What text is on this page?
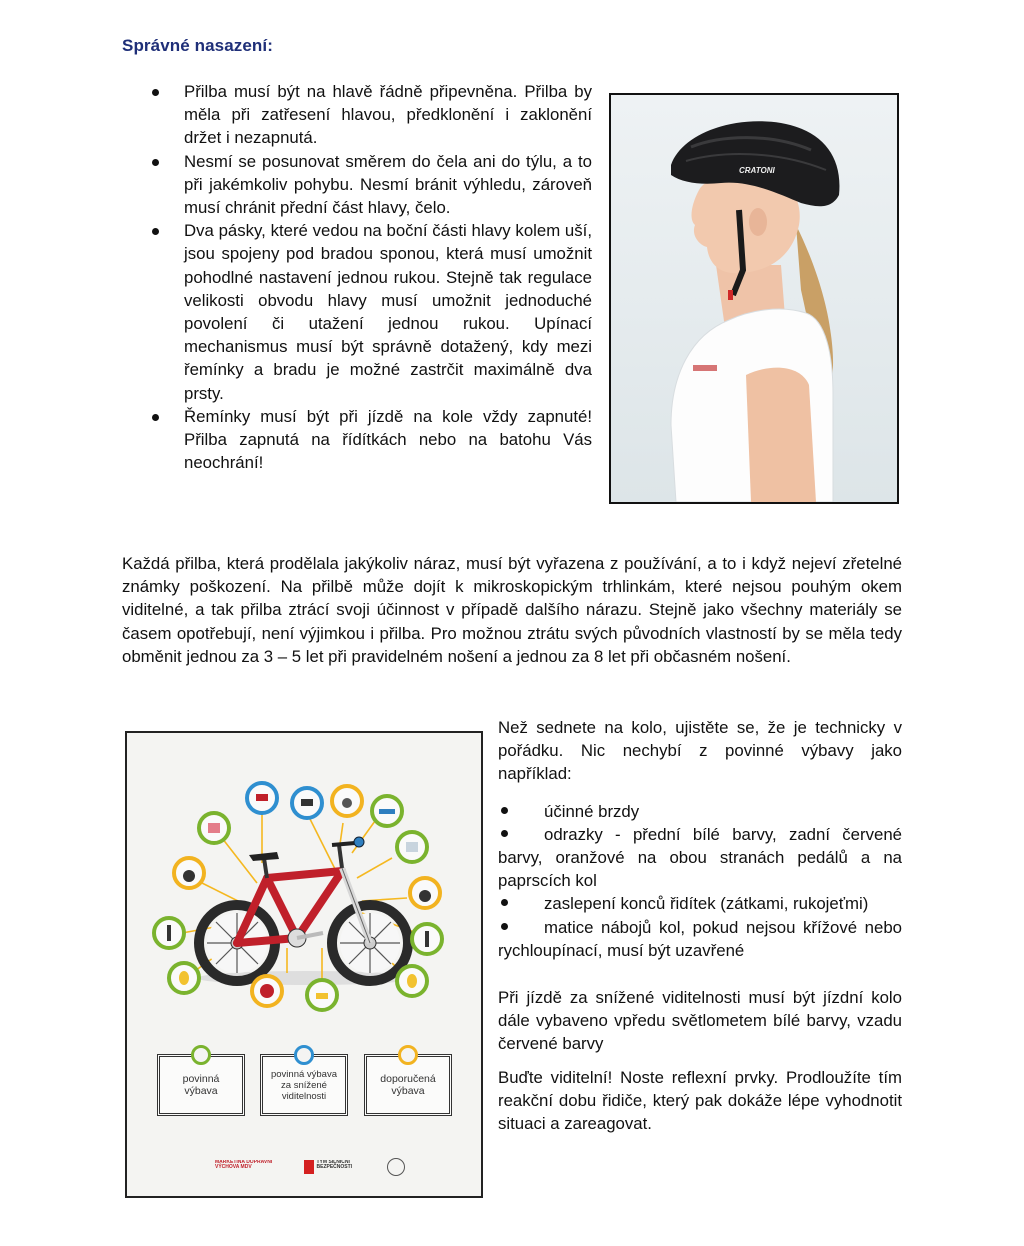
Správné nasazení:
Přilba musí být na hlavě řádně připevněna. Přilba by měla při zatřesení hlavou, předklonění i zaklonění držet i nezapnutá.
Nesmí se posunovat směrem do čela ani do týlu, a to při jakémkoliv pohybu. Nesmí bránit výhledu, zároveň musí chránit přední část hlavy, čelo.
Dva pásky, které vedou na boční části hlavy kolem uší, jsou spojeny pod bradou sponou, která musí umožnit pohodlné nastavení jednou rukou. Stejně tak regulace velikosti obvodu hlavy musí umožnit jednoduché povolení či utažení jednou rukou. Upínací mechanismus musí být správně dotažený, kdy mezi řemínky a bradu je možné zastrčit maximálně dva prsty.
Řemínky musí být při jízdě na kole vždy zapnuté! Přilba zapnutá na řídítkách nebo na batohu Vás neochrání!
CRATONI
Každá přilba, která prodělala jakýkoliv náraz, musí být vyřazena z používání, a to i když nejeví zřetelné známky poškození. Na přilbě může dojít k mikroskopickým trhlinkám, které nejsou pouhým okem viditelné, a tak přilba ztrácí svoji účinnost v případě dalšího nárazu. Stejně jako všechny materiály se časem opotřebují, není výjimkou i přilba. Pro možnou ztrátu svých původních vlastností by se měla tedy obměnit jednou za 3 – 5 let při pravidelném nošení a jednou za 8 let při občasném nošení.
povinná výbava
povinná výbava za snížené viditelnosti
doporučená výbava
MARKÉTINA DOPRAVNÍ VÝCHOVA MDV
TÝM SILNIČNÍ BEZPEČNOSTI

Než sednete na kolo, ujistěte se, že je technicky v pořádku. Nic nechybí z povinné výbavy jako například:

účinné brzdy
odrazky - přední bílé barvy, zadní červené barvy, oranžové na obou stranách pedálů a na paprscích kol
zaslepení konců řidítek (zátkami, rukojeťmi)
matice nábojů kol, pokud nejsou křížové nebo rychloupínací, musí být uzavřené

Při jízdě za snížené viditelnosti musí být jízdní kolo dále vybaveno vpředu světlometem bílé barvy, vzadu červené barvy

Buďte viditelní! Noste reflexní prvky. Prodloužíte tím reakční dobu řidiče, který pak dokáže lépe vyhodnotit situaci a zareagovat.
